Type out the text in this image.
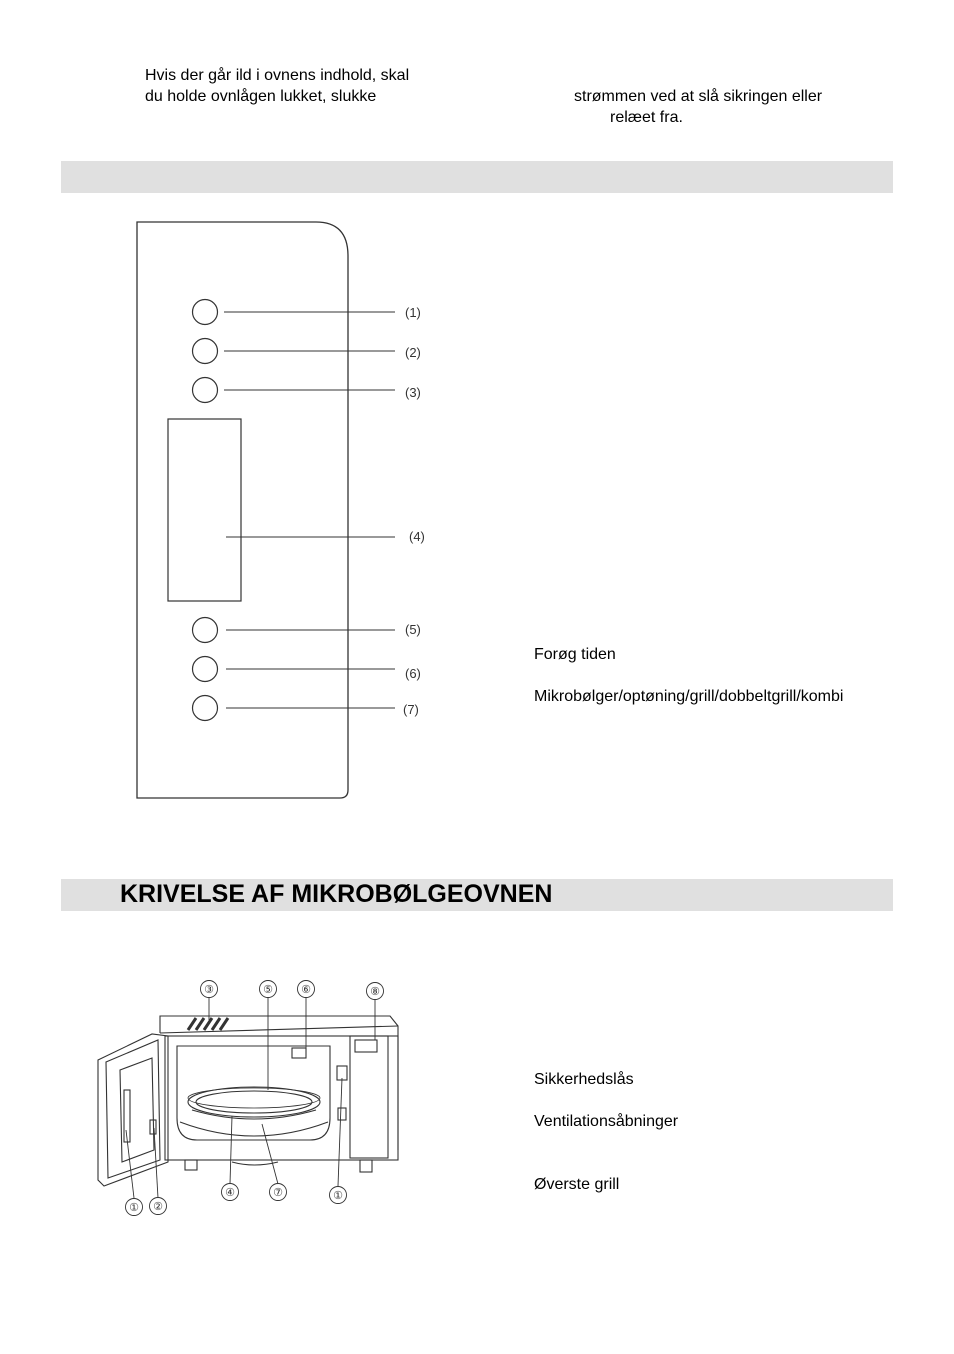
Hvis der går ild i ovnens indhold, skal
du holde ovnlågen lukket, slukke	strømmen ved at slå sikringen eller
relæet fra.
(1)
(2)
(3)
(4)
(5)
(6)
(7)
Forøg tiden
Mikrobølger/optøning/grill/dobbeltgrill/kombi
KRIVELSE AF MIKROBØLGEOVNEN
① ②
③
④
⑤	⑥
⑦
⑧
①
Sikkerhedslås
Ventilationsåbninger
Øverste grill
